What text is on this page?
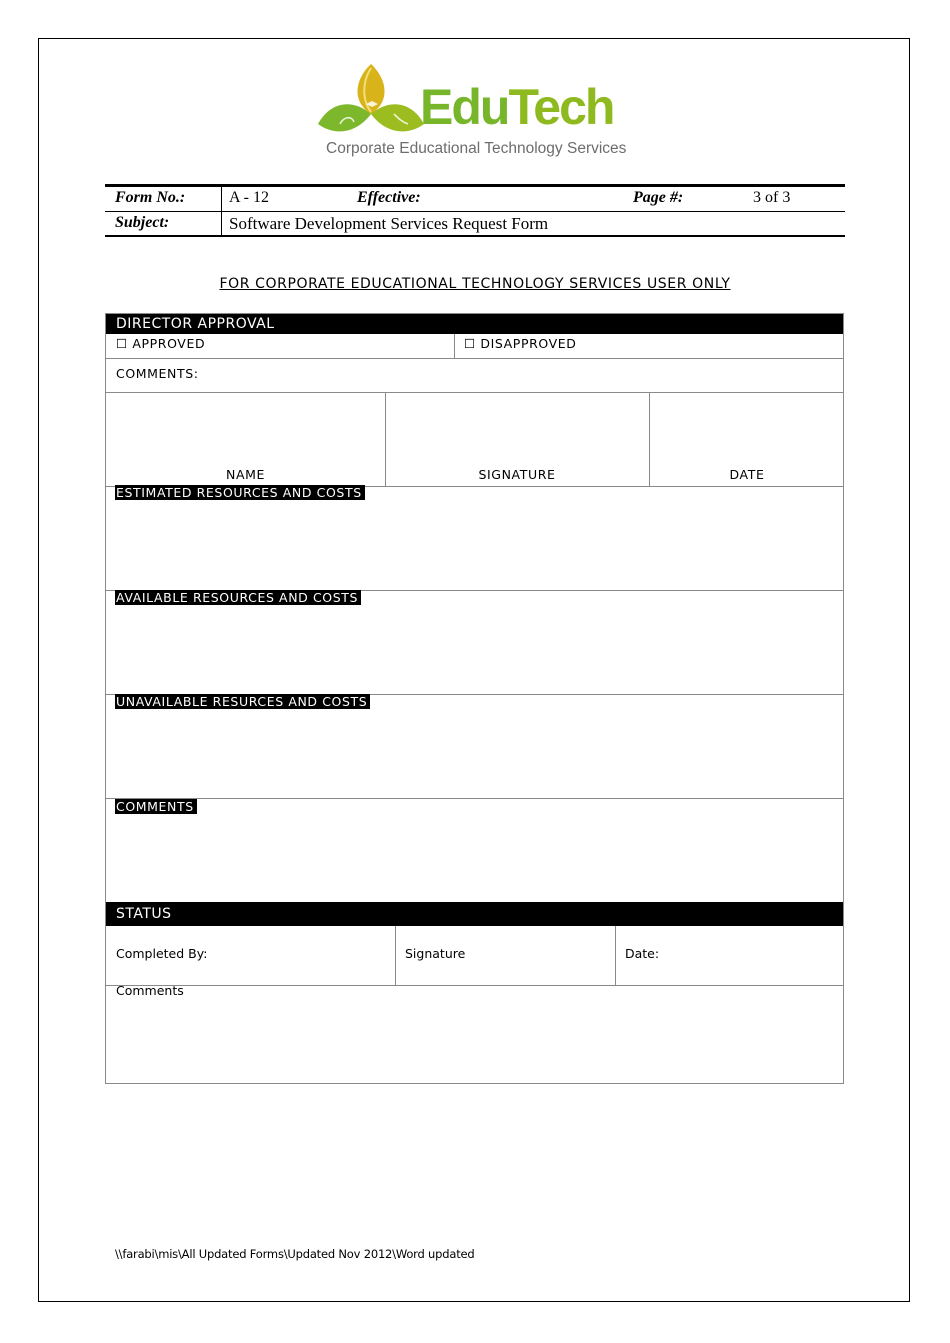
EduTech
Corporate Educational Technology Services
Form No.:	A - 12	Effective:	Page #:	3 of 3
Subject:	Software Development Services Request Form
FOR CORPORATE EDUCATIONAL TECHNOLOGY SERVICES USER ONLY
DIRECTOR APPROVAL
☐ APPROVED	☐ DISAPPROVED
COMMENTS:
NAME	SIGNATURE	DATE
ESTIMATED RESOURCES AND COSTS
AVAILABLE RESOURCES AND COSTS
UNAVAILABLE RESURCES AND COSTS
COMMENTS
STATUS
Completed By:	Signature	Date:
Comments
\\farabi\mis\All Updated Forms\Updated Nov 2012\Word updated
